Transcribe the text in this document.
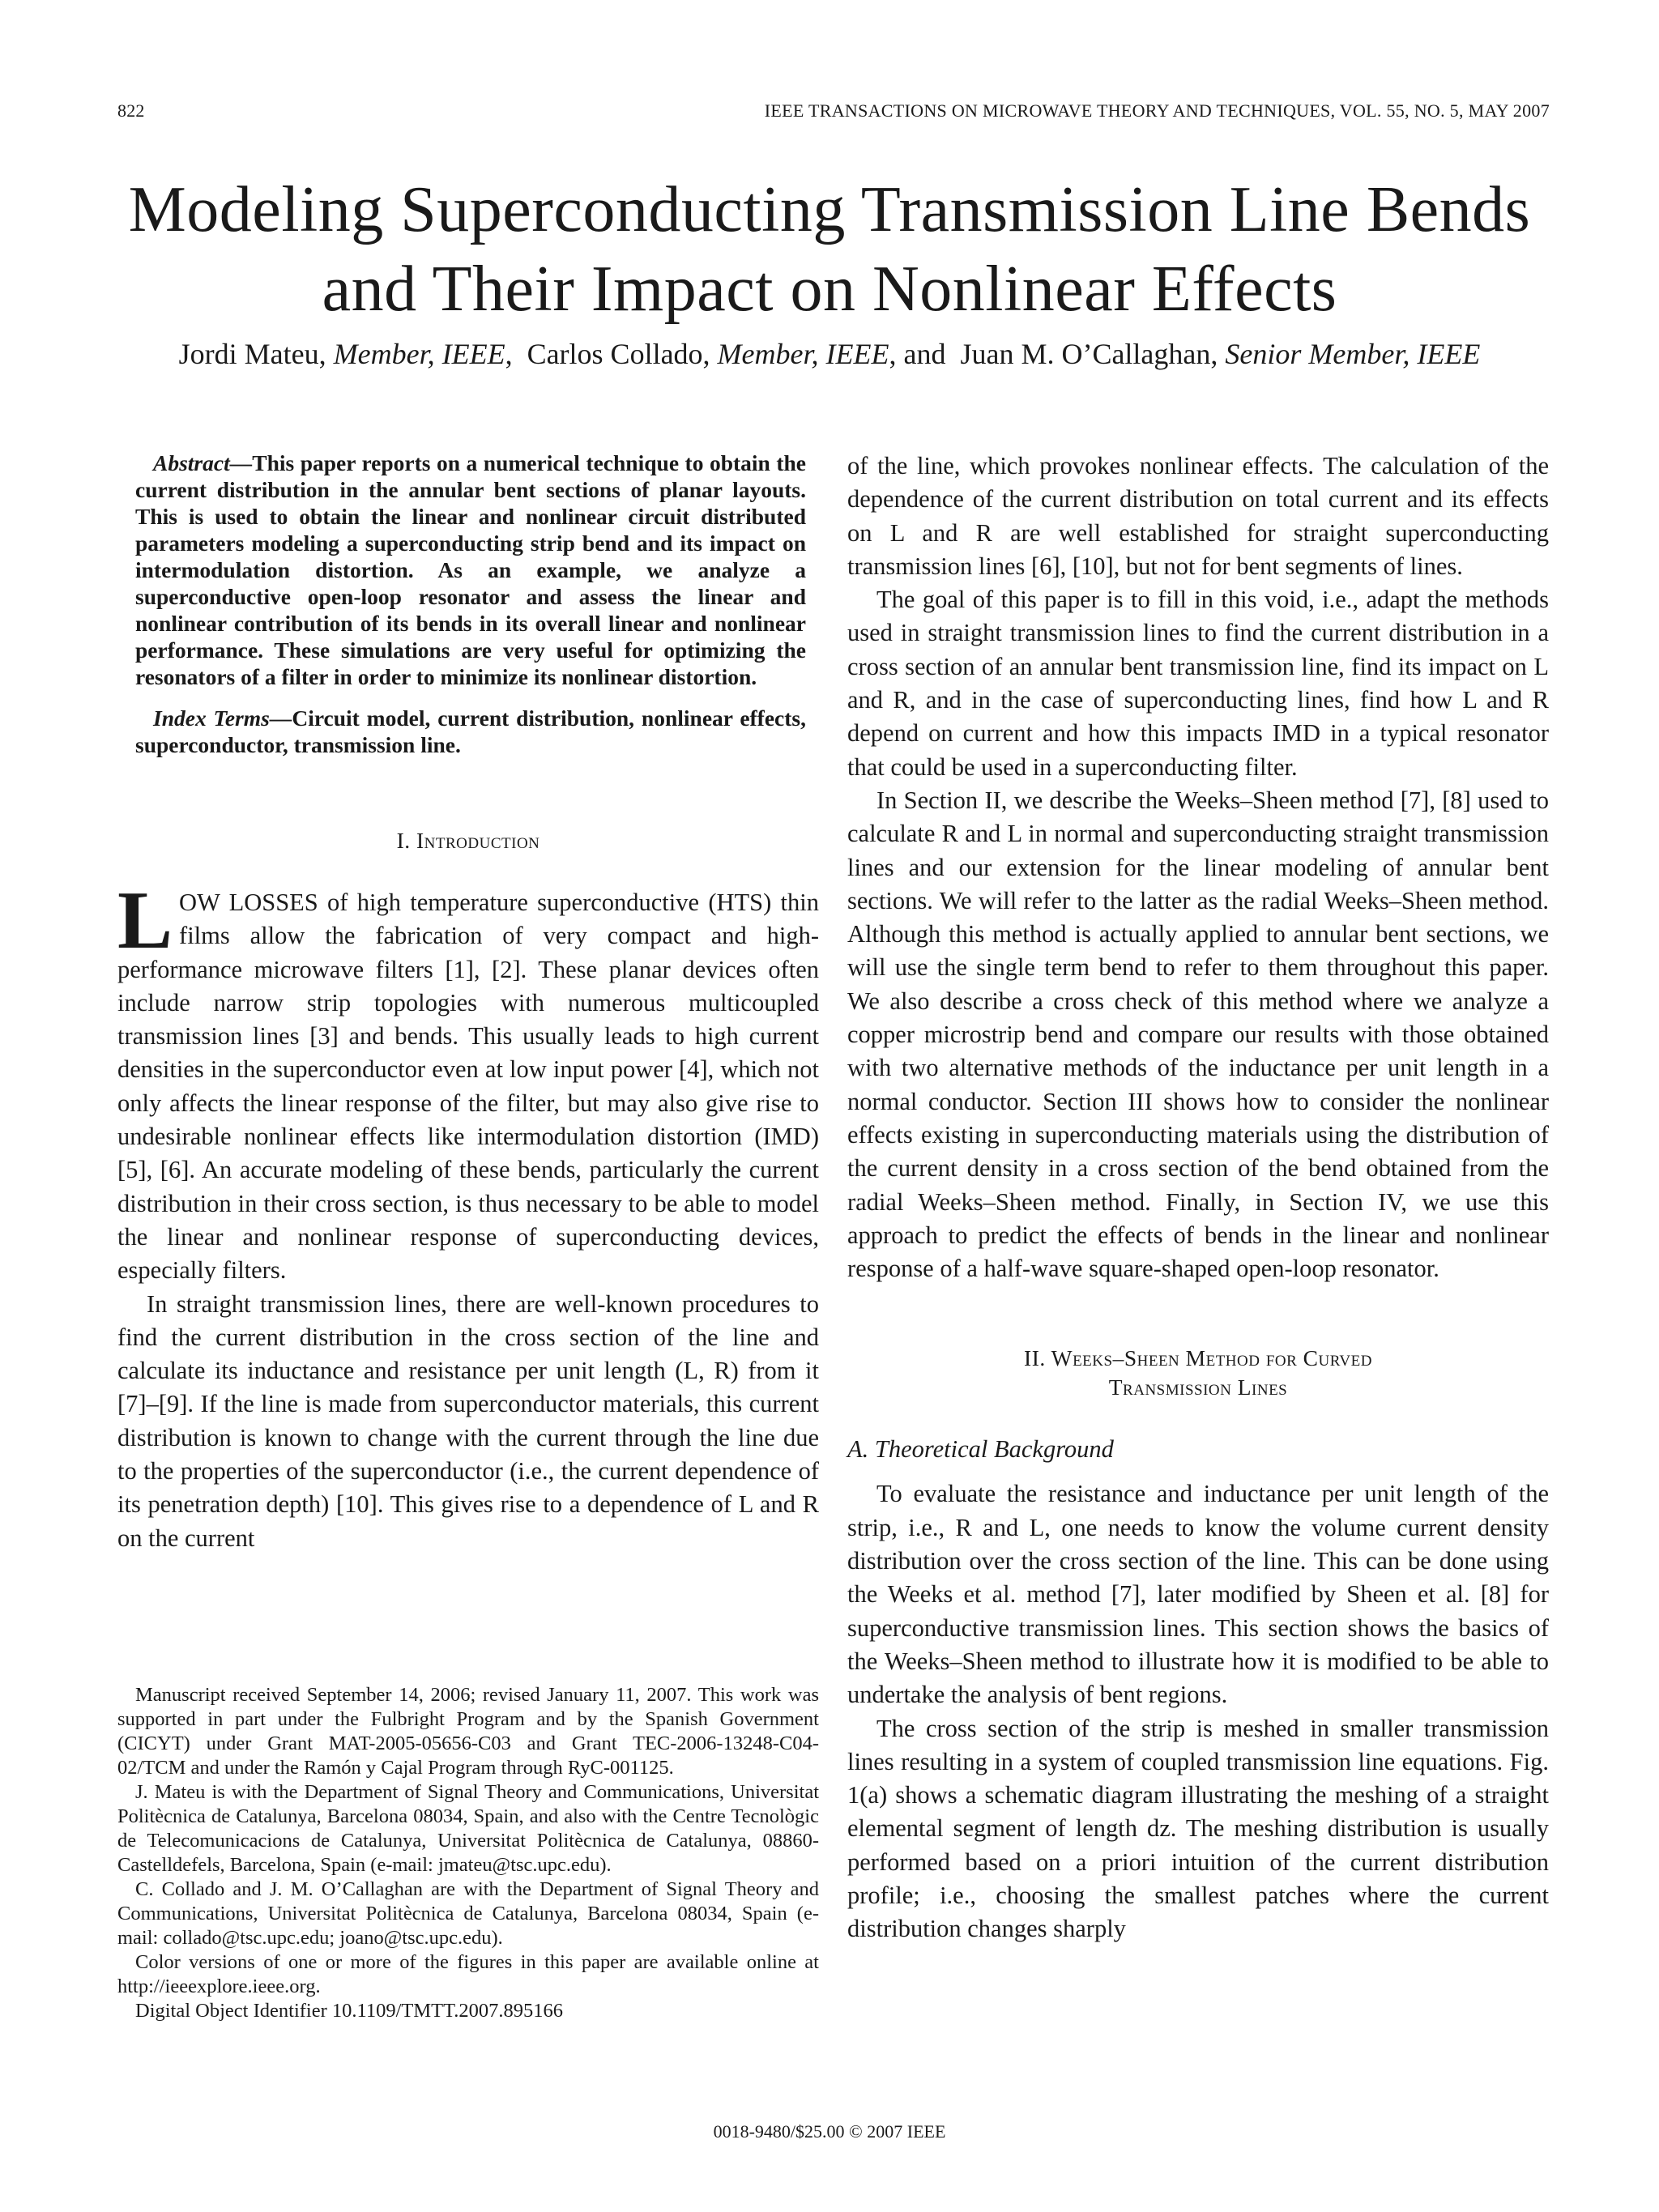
822	IEEE TRANSACTIONS ON MICROWAVE THEORY AND TECHNIQUES, VOL. 55, NO. 5, MAY 2007
Modeling Superconducting Transmission Line Bends
and Their Impact on Nonlinear Effects
Jordi Mateu, Member, IEEE,  Carlos Collado, Member, IEEE, and Juan M. O’Callaghan, Senior Member, IEEE

Abstract—This paper reports on a numerical technique to obtain the current distribution in the annular bent sections of planar layouts. This is used to obtain the linear and nonlinear circuit distributed parameters modeling a superconducting strip bend and its impact on intermodulation distortion. As an example, we analyze a superconductive open-loop resonator and assess the linear and nonlinear contribution of its bends in its overall linear and nonlinear performance. These simulations are very useful for optimizing the resonators of a filter in order to minimize its nonlinear distortion.

Index Terms—Circuit model, current distribution, nonlinear effects, superconductor, transmission line.

I. Introduction

LOW LOSSES of high temperature superconductive (HTS) thin films allow the fabrication of very compact and high-performance microwave filters [1], [2]. These planar devices often include narrow strip topologies with numerous multicoupled transmission lines [3] and bends. This usually leads to high current densities in the superconductor even at low input power [4], which not only affects the linear response of the filter, but may also give rise to undesirable nonlinear effects like intermodulation distortion (IMD) [5], [6]. An accurate modeling of these bends, particularly the current distribution in their cross section, is thus necessary to be able to model the linear and nonlinear response of superconducting devices, especially filters.

In straight transmission lines, there are well-known procedures to find the current distribution in the cross section of the line and calculate its inductance and resistance per unit length (L, R) from it [7]–[9]. If the line is made from superconductor materials, this current distribution is known to change with the current through the line due to the properties of the superconductor (i.e., the current dependence of its penetration depth) [10]. This gives rise to a dependence of L and R on the current

Manuscript received September 14, 2006; revised January 11, 2007. This work was supported in part under the Fulbright Program and by the Spanish Government (CICYT) under Grant MAT-2005-05656-C03 and Grant TEC-2006-13248-C04-02/TCM and under the Ramón y Cajal Program through RyC-001125.

J. Mateu is with the Department of Signal Theory and Communications, Universitat Politècnica de Catalunya, Barcelona 08034, Spain, and also with the Centre Tecnològic de Telecomunicacions de Catalunya, Universitat Politècnica de Catalunya, 08860-Castelldefels, Barcelona, Spain (e-mail: jmateu@tsc.upc.edu).

C. Collado and J. M. O’Callaghan are with the Department of Signal Theory and Communications, Universitat Politècnica de Catalunya, Barcelona 08034, Spain (e-mail: collado@tsc.upc.edu; joano@tsc.upc.edu).

Color versions of one or more of the figures in this paper are available online at http://ieeexplore.ieee.org.

Digital Object Identifier 10.1109/TMTT.2007.895166

of the line, which provokes nonlinear effects. The calculation of the dependence of the current distribution on total current and its effects on L and R are well established for straight superconducting transmission lines [6], [10], but not for bent segments of lines.

The goal of this paper is to fill in this void, i.e., adapt the methods used in straight transmission lines to find the current distribution in a cross section of an annular bent transmission line, find its impact on L and R, and in the case of superconducting lines, find how L and R depend on current and how this impacts IMD in a typical resonator that could be used in a superconducting filter.

In Section II, we describe the Weeks–Sheen method [7], [8] used to calculate R and L in normal and superconducting straight transmission lines and our extension for the linear modeling of annular bent sections. We will refer to the latter as the radial Weeks–Sheen method. Although this method is actually applied to annular bent sections, we will use the single term bend to refer to them throughout this paper. We also describe a cross check of this method where we analyze a copper microstrip bend and compare our results with those obtained with two alternative methods of the inductance per unit length in a normal conductor. Section III shows how to consider the nonlinear effects existing in superconducting materials using the distribution of the current density in a cross section of the bend obtained from the radial Weeks–Sheen method. Finally, in Section IV, we use this approach to predict the effects of bends in the linear and nonlinear response of a half-wave square-shaped open-loop resonator.

II. Weeks–Sheen Method for Curved
Transmission Lines
A. Theoretical Background

To evaluate the resistance and inductance per unit length of the strip, i.e., R and L, one needs to know the volume current density distribution over the cross section of the line. This can be done using the Weeks et al. method [7], later modified by Sheen et al. [8] for superconductive transmission lines. This section shows the basics of the Weeks–Sheen method to illustrate how it is modified to be able to undertake the analysis of bent regions.

The cross section of the strip is meshed in smaller transmission lines resulting in a system of coupled transmission line equations. Fig. 1(a) shows a schematic diagram illustrating the meshing of a straight elemental segment of length dz. The meshing distribution is usually performed based on a priori intuition of the current distribution profile; i.e., choosing the smallest patches where the current distribution changes sharply

0018-9480/$25.00 © 2007 IEEE
